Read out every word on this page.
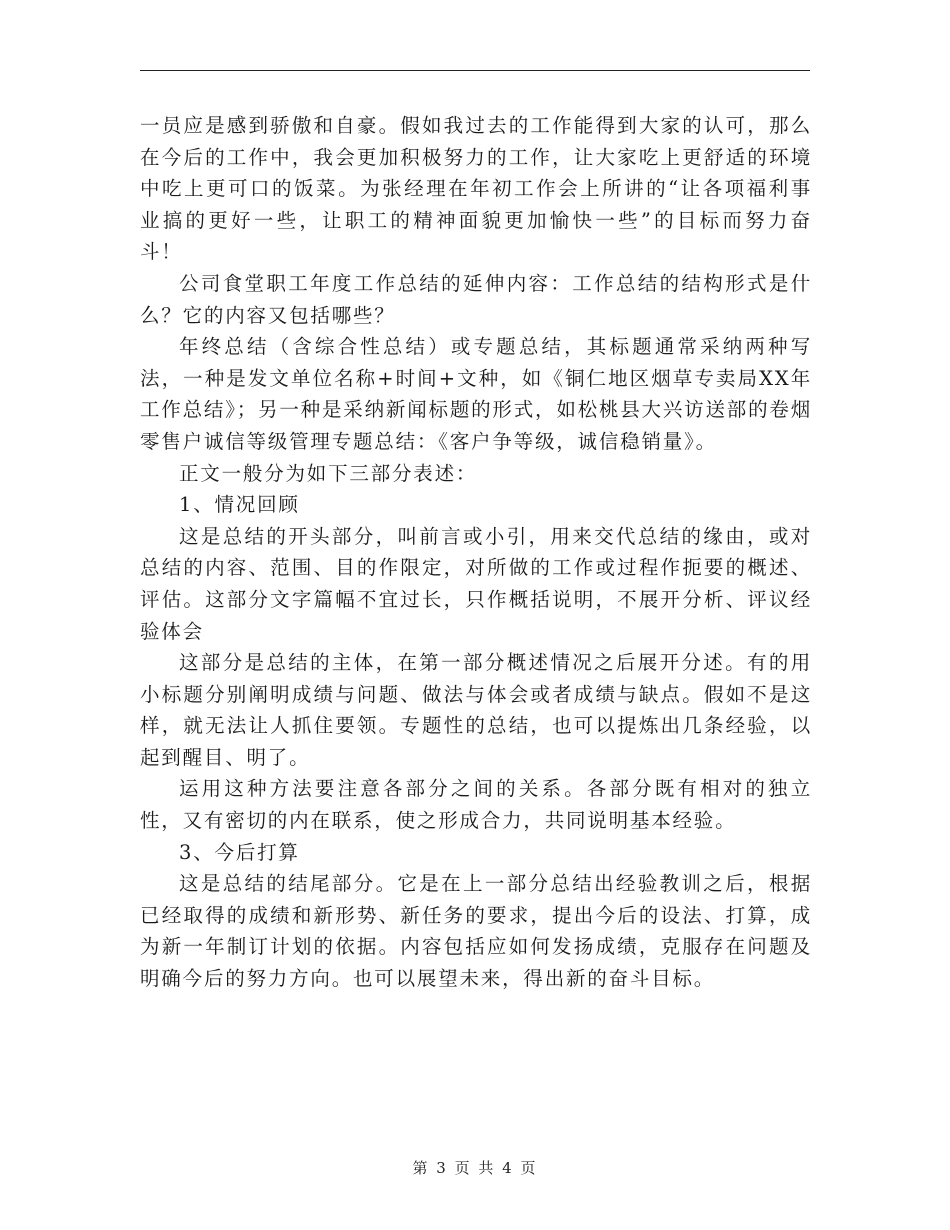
一员应是感到骄傲和自豪。假如我过去的工作能得到大家的认可，那么在今后的工作中，我会更加积极努力的工作，让大家吃上更舒适的环境中吃上更可口的饭菜。为张经理在年初工作会上所讲的“让各项福利事业搞的更好一些，让职工的精神面貌更加愉快一些”的目标而努力奋斗！

公司食堂职工年度工作总结的延伸内容：工作总结的结构形式是什么？它的内容又包括哪些？

年终总结（含综合性总结）或专题总结，其标题通常采纳两种写法，一种是发文单位名称+时间+文种，如《铜仁地区烟草专卖局XX年工作总结》；另一种是采纳新闻标题的形式，如松桃县大兴访送部的卷烟零售户诚信等级管理专题总结：《客户争等级，诚信稳销量》。

正文一般分为如下三部分表述：

1、情况回顾

这是总结的开头部分，叫前言或小引，用来交代总结的缘由，或对总结的内容、范围、目的作限定，对所做的工作或过程作扼要的概述、评估。这部分文字篇幅不宜过长，只作概括说明，不展开分析、评议经验体会

这部分是总结的主体，在第一部分概述情况之后展开分述。有的用小标题分别阐明成绩与问题、做法与体会或者成绩与缺点。假如不是这样，就无法让人抓住要领。专题性的总结，也可以提炼出几条经验，以起到醒目、明了。

运用这种方法要注意各部分之间的关系。各部分既有相对的独立性，又有密切的内在联系，使之形成合力，共同说明基本经验。

3、今后打算

这是总结的结尾部分。它是在上一部分总结出经验教训之后，根据已经取得的成绩和新形势、新任务的要求，提出今后的设法、打算，成为新一年制订计划的依据。内容包括应如何发扬成绩，克服存在问题及明确今后的努力方向。也可以展望未来，得出新的奋斗目标。

第 3 页 共 4 页
